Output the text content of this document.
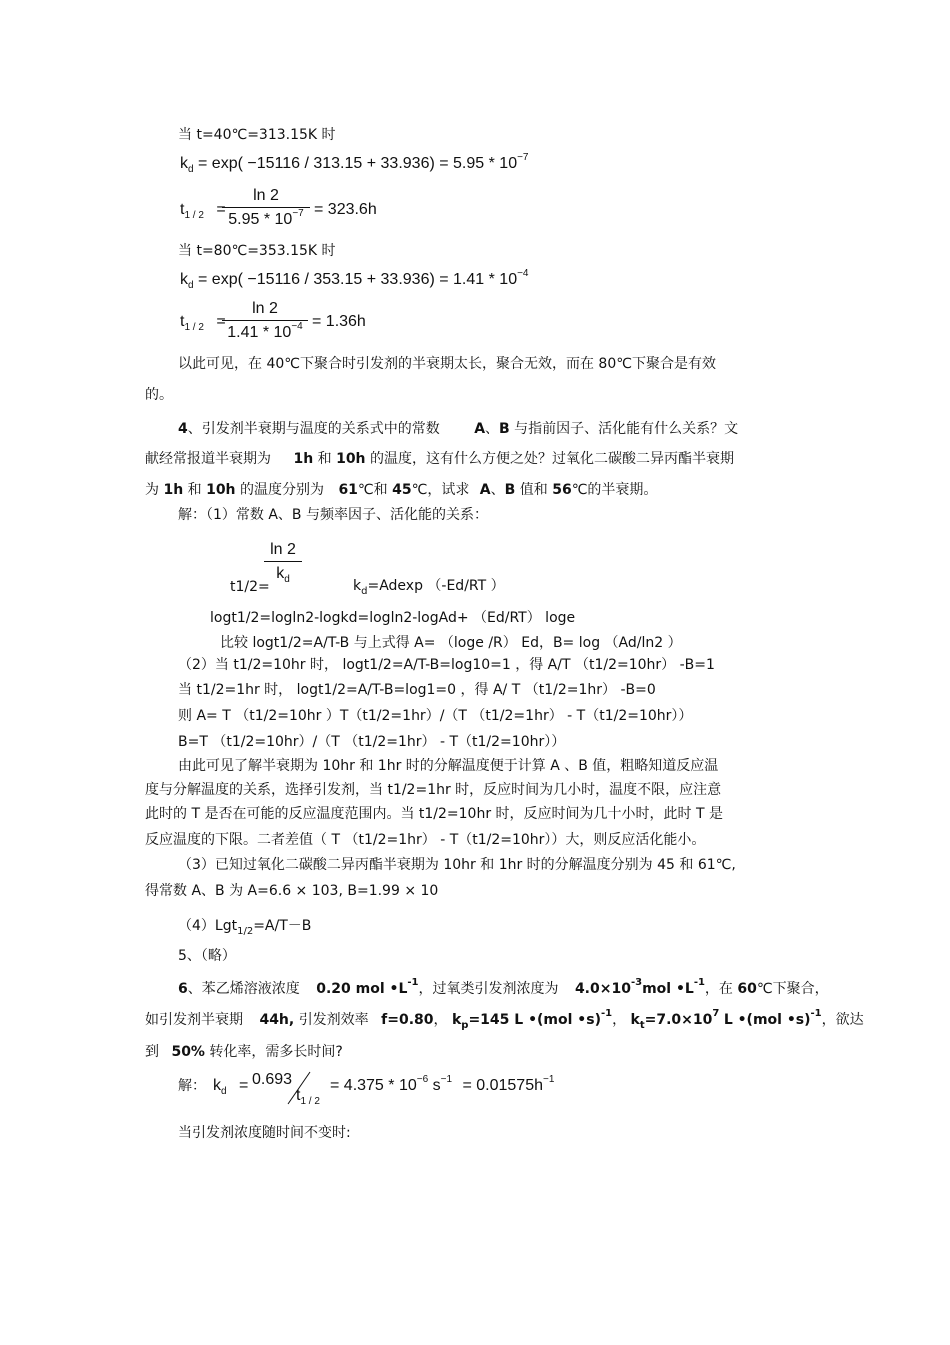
当 t=40℃=313.15K 时
$k_d = \exp( -15116 / 313.15 + 33.936) = 5.95 * 10^{-7}$
$t_{1 / 2}$ =
ln 2
$5.95 * 10^{-7} = 323.6h$
当 t=80℃=353.15K 时
$k_d = \exp( -15116 / 353.15 + 33.936) = 1.41 * 10^{-4}$
$t_{1 / 2}$ =
ln 2
$1.41 * 10^{-4} = 1.36h$
以此可见，在 40℃下聚合时引发剂的半衰期太长，聚合无效，而在 80℃下聚合是有效
的。
4、引发剂半衰期与温度的关系式中的常数 A、B 与指前因子、活化能有什么关系？文
献经常报道半衰期为 1h 和 10h 的温度，这有什么方便之处？过氧化二碳酸二异丙酯半衰期
为 1h 和 10h 的温度分别为 61℃和 45℃，试求 A、B 值和 56℃的半衰期。
解：（1）常数 A、B 与频率因子、活化能的关系：
ln 2
$k_d$
t1/2=	$k_d=Adexp$ （-Ed/RT ）
logt1/2=logln2-logkd=logln2-logAd+ （Ed/RT） loge
比较 logt1/2=A/T-B 与上式得 A= （loge /R） Ed，B= log （Ad/ln2 ）
（2）当 t1/2=10hr 时， logt1/2=A/T-B=log10=1 ，得 A/T （t1/2=10hr） -B=1
当 t1/2=1hr 时， logt1/2=A/T-B=log1=0 ，得 A/ T （t1/2=1hr） -B=0
则 A= T （t1/2=10hr ）T（t1/2=1hr）/（T （t1/2=1hr） - T（t1/2=10hr））
B=T （t1/2=10hr）/（T （t1/2=1hr） - T（t1/2=10hr））
由此可见了解半衰期为 10hr 和 1hr 时的分解温度便于计算 A 、B 值，粗略知道反应温
度与分解温度的关系，选择引发剂，当 t1/2=1hr 时，反应时间为几小时，温度不限，应注意
此时的 T 是否在可能的反应温度范围内。当 t1/2=10hr 时，反应时间为几十小时，此时 T 是
反应温度的下限。二者差值（ T （t1/2=1hr） - T（t1/2=10hr））大，则反应活化能小。
（3）已知过氧化二碳酸二异丙酯半衰期为 10hr 和 1hr 时的分解温度分别为 45 和 61℃,
得常数 A、B 为 A=6.6 × 103, B=1.99 × 10
（4）Lgt$_{1/2}$=A/T－B
5、（略）
6、苯乙烯溶液浓度 0.20 mol $•L^{-1}$，过氧类引发剂浓度为 $4.0\times 10^{-3}mol$ $•L^{-1}$，在 60℃下聚合，
如引发剂半衰期 44h, 引发剂效率 f=0.80， $k_p=145$ L •(mol •s)$^{-1}$， $k_t=7.0\times 10^7$ L •(mol •s)$^{-1}$，欲达
到 50% 转化率，需多长时间?
解： $k_d = 0.693$
$t_{1 / 2}$
= $4.375 * 10^{-6}$ $s^{-1} = 0.01575h^{-1}$
当引发剂浓度随时间不变时:
